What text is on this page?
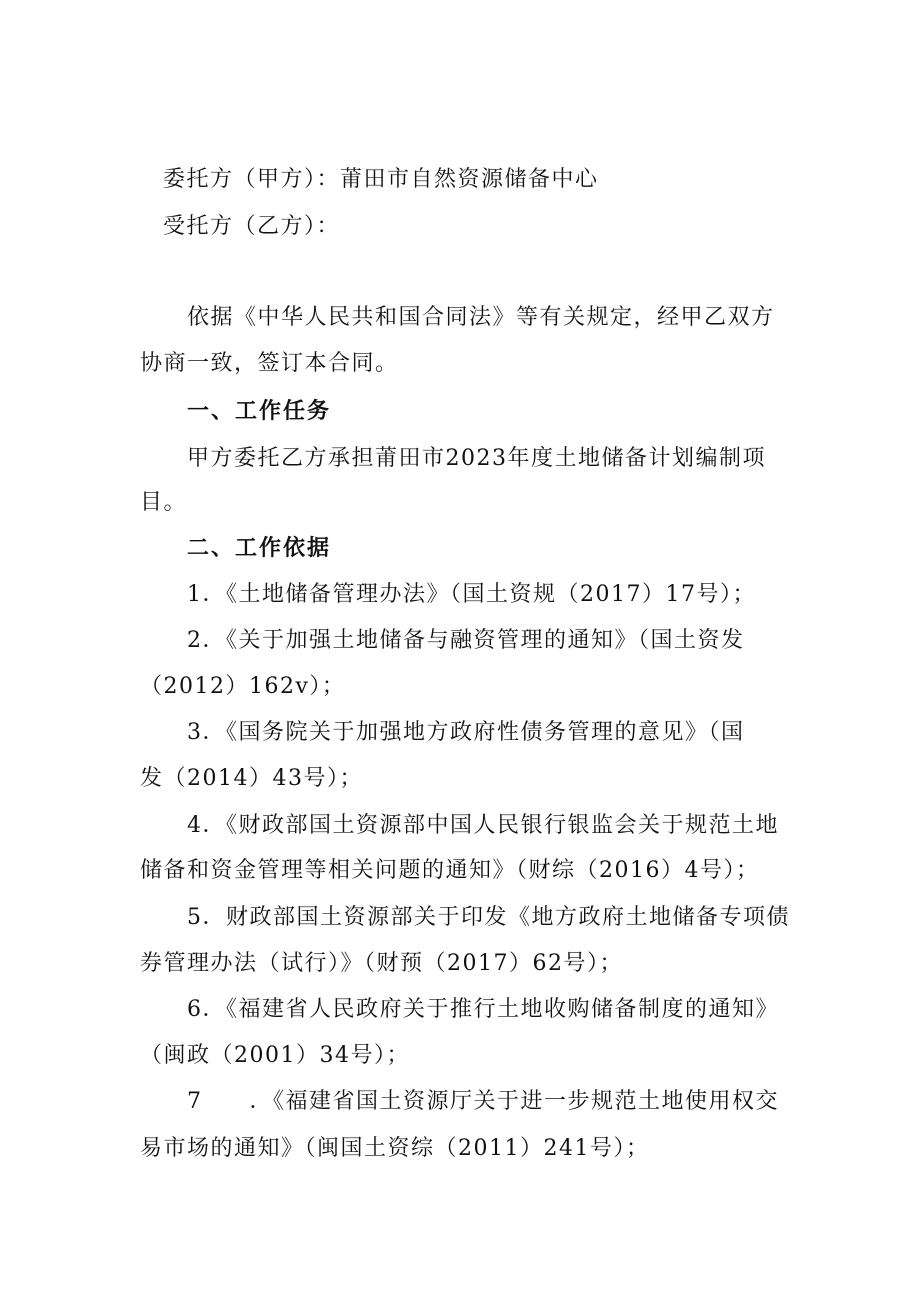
委托方（甲方）：莆田市自然资源储备中心
受托方（乙方）：
依据《中华人民共和国合同法》等有关规定，经甲乙双方
协商一致，签订本合同。
一、工作任务
甲方委托乙方承担莆田市2023年度土地储备计划编制项
目。
二、工作依据
1．《土地储备管理办法》（国土资规（2017）17号）；
2．《关于加强土地储备与融资管理的通知》（国土资发
（2012）162v）；
3．《国务院关于加强地方政府性债务管理的意见》（国
发（2014）43号）；
4．《财政部国土资源部中国人民银行银监会关于规范土地
储备和资金管理等相关问题的通知》（财综（2016）4号）；
5．财政部国土资源部关于印发《地方政府土地储备专项债
券管理办法（试行）》（财预（2017）62号）；
6．《福建省人民政府关于推行土地收购储备制度的通知》
（闽政（2001）34号）；
7　　．《福建省国土资源厅关于进一步规范土地使用权交
易市场的通知》（闽国土资综（2011）241号）；
